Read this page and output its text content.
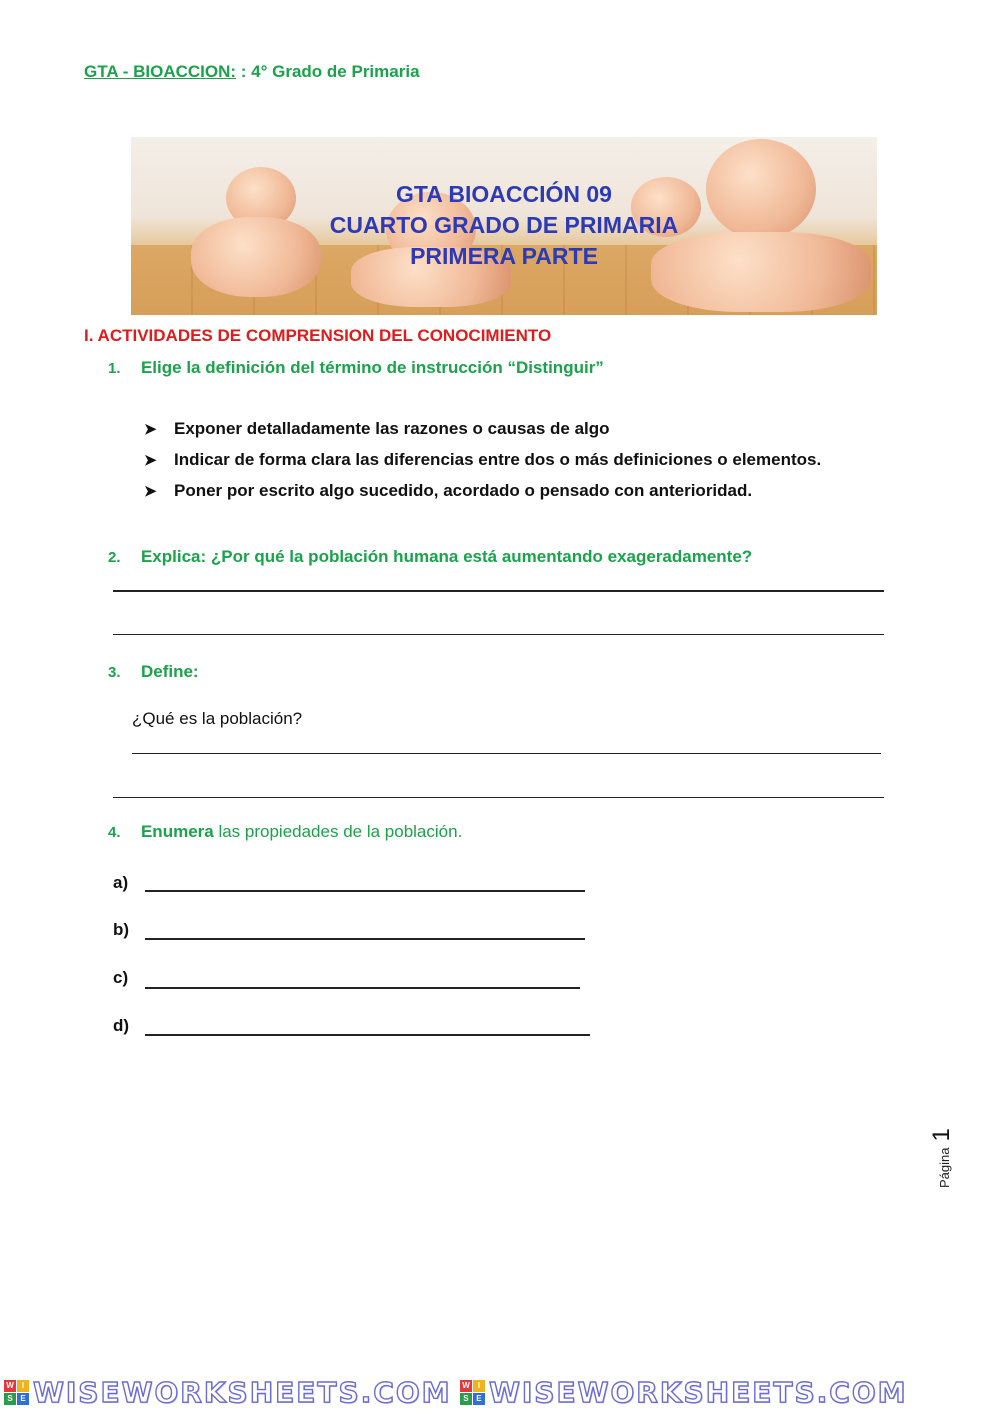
GTA - BIOACCION: : 4° Grado de Primaria
GTA BIOACCIÓN 09
CUARTO GRADO DE PRIMARIA
PRIMERA PARTE
I. ACTIVIDADES DE COMPRENSION DEL CONOCIMIENTO
1. Elige la definición del término de instrucción “Distinguir”
➤ Exponer detalladamente las razones o causas de algo
➤ Indicar de forma clara las diferencias entre dos o más definiciones o elementos.
➤ Poner por escrito algo sucedido, acordado o pensado con anterioridad.
2. Explica: ¿Por qué la población humana está aumentando exageradamente?
3. Define:
¿Qué es la población?
4. Enumera las propiedades de la población.
a)
b)
c)
d)
Página1
W	I
S E WISEWORKSHEETS.COM W	I
S E WISEWORKSHEETS.COM
